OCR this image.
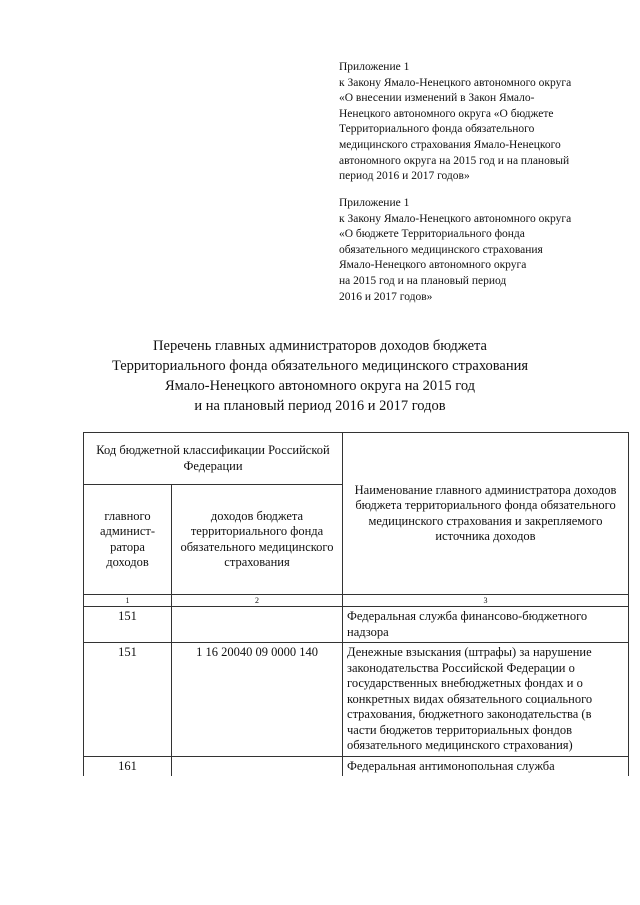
Приложение 1
к Закону Ямало-Ненецкого автономного округа
«О внесении изменений в Закон Ямало-
Ненецкого автономного округа «О бюджете
Территориального фонда обязательного
медицинского страхования Ямало-Ненецкого
автономного округа на 2015 год и на плановый
период 2016 и 2017 годов»
Приложение 1
к Закону Ямало-Ненецкого автономного округа
«О бюджете Территориального фонда
обязательного медицинского страхования
Ямало-Ненецкого автономного округа
на 2015 год и на плановый период
2016 и 2017 годов»
Перечень главных администраторов доходов бюджета
Территориального фонда обязательного медицинского страхования
Ямало-Ненецкого автономного округа на 2015 год
и на плановый период 2016 и 2017 годов
Код бюджетной классификации Российской Федерации		Наименование главного администратора доходов бюджета территориального фонда обязательного медицинского страхования и закрепляемого источника доходов
главного админист-ратора доходов	доходов бюджета территориального фонда обязательного медицинского страхования	
1	2	3
151		Федеральная служба финансово-бюджетного надзора
151	1 16 20040 09 0000 140	Денежные взыскания (штрафы) за нарушение законодательства Российской Федерации о государственных внебюджетных фондах и о конкретных видах обязательного социального страхования, бюджетного законодательства (в части бюджетов территориальных фондов обязательного медицинского страхования)
161		Федеральная антимонопольная служба
